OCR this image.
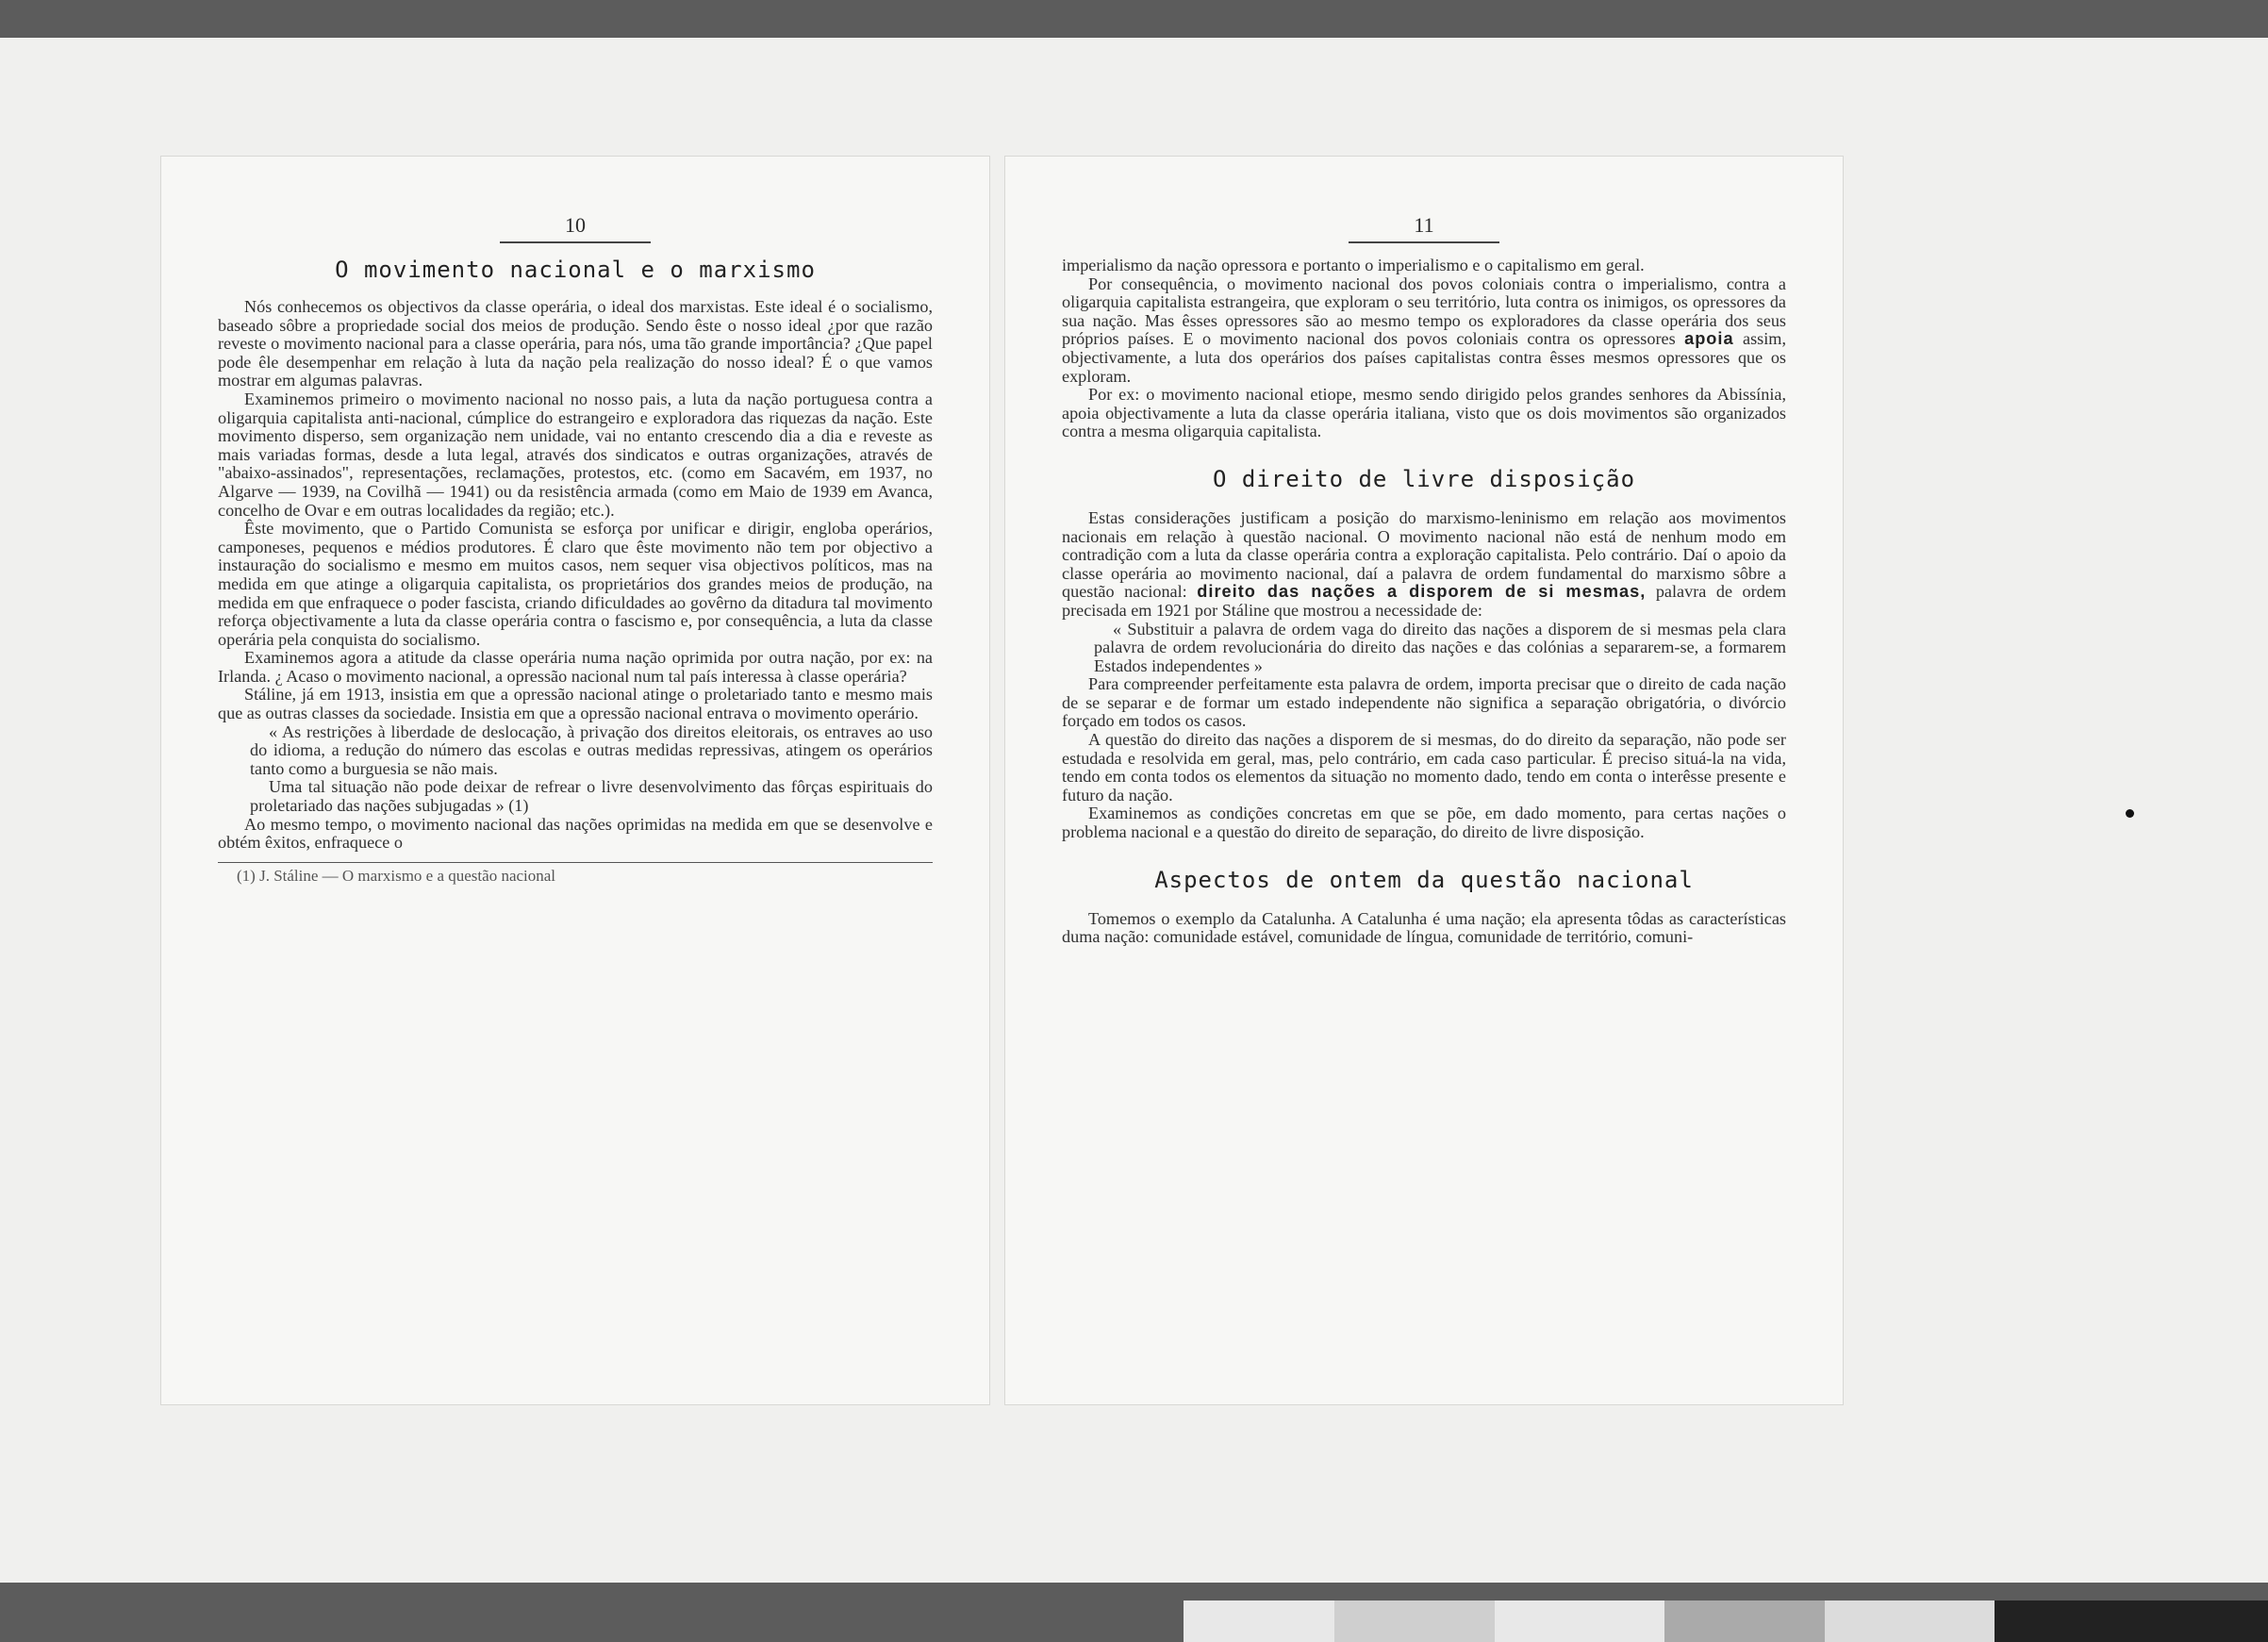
10
O movimento nacional e o marxismo

Nós conhecemos os objectivos da classe operária, o ideal dos marxistas. Este ideal é o socialismo, baseado sôbre a propriedade social dos meios de produção. Sendo êste o nosso ideal ¿por que razão reveste o movimento nacional para a classe operária, para nós, uma tão grande importância? ¿Que papel pode êle desempenhar em relação à luta da nação pela realização do nosso ideal? É o que vamos mostrar em algumas palavras.

Examinemos primeiro o movimento nacional no nosso pais, a luta da nação portuguesa contra a oligarquia capitalista anti-nacional, cúmplice do estrangeiro e exploradora das riquezas da nação. Este movimento disperso, sem organização nem unidade, vai no entanto crescendo dia a dia e reveste as mais variadas formas, desde a luta legal, através dos sindicatos e outras organizações, através de "abaixo-assinados", representações, reclamações, protestos, etc. (como em Sacavém, em 1937, no Algarve — 1939, na Covilhã — 1941) ou da resistência armada (como em Maio de 1939 em Avanca, concelho de Ovar e em outras localidades da região; etc.).

Êste movimento, que o Partido Comunista se esforça por unificar e dirigir, engloba operários, camponeses, pequenos e médios produtores. É claro que êste movimento não tem por objectivo a instauração do socialismo e mesmo em muitos casos, nem sequer visa objectivos políticos, mas na medida em que atinge a oligarquia capitalista, os proprietários dos grandes meios de produção, na medida em que enfraquece o poder fascista, criando dificuldades ao govêrno da ditadura tal movimento reforça objectivamente a luta da classe operária contra o fascismo e, por consequência, a luta da classe operária pela conquista do socialismo.

Examinemos agora a atitude da classe operária numa nação oprimida por outra nação, por ex: na Irlanda. ¿ Acaso o movimento nacional, a opressão nacional num tal país interessa à classe operária?

Stáline, já em 1913, insistia em que a opressão nacional atinge o proletariado tanto e mesmo mais que as outras classes da sociedade. Insistia em que a opressão nacional entrava o movimento operário.

« As restrições à liberdade de deslocação, à privação dos direitos eleitorais, os entraves ao uso do idioma, a redução do número das escolas e outras medidas repressivas, atingem os operários tanto como a burguesia se não mais.

Uma tal situação não pode deixar de refrear o livre desenvolvimento das fôrças espirituais do proletariado das nações subjugadas » (1)

Ao mesmo tempo, o movimento nacional das nações oprimidas na medida em que se desenvolve e obtém êxitos, enfraquece o

(1) J. Stáline — O marxismo e a questão nacional

11

imperialismo da nação opressora e portanto o imperialismo e o capitalismo em geral.

Por consequência, o movimento nacional dos povos coloniais contra o imperialismo, contra a oligarquia capitalista estrangeira, que exploram o seu território, luta contra os inimigos, os opressores da sua nação. Mas êsses opressores são ao mesmo tempo os exploradores da classe operária dos seus próprios países. E o movimento nacional dos povos coloniais contra os opressores apoia assim, objectivamente, a luta dos operários dos países capitalistas contra êsses mesmos opressores que os exploram.

Por ex: o movimento nacional etiope, mesmo sendo dirigido pelos grandes senhores da Abissínia, apoia objectivamente a luta da classe operária italiana, visto que os dois movimentos são organizados contra a mesma oligarquia capitalista.

O direito de livre disposição

Estas considerações justificam a posição do marxismo-leninismo em relação aos movimentos nacionais em relação à questão nacional. O movimento nacional não está de nenhum modo em contradição com a luta da classe operária contra a exploração capitalista. Pelo contrário. Daí o apoio da classe operária ao movimento nacional, daí a palavra de ordem fundamental do marxismo sôbre a questão nacional: direito das nações a disporem de si mesmas, palavra de ordem precisada em 1921 por Stáline que mostrou a necessidade de:

« Substituir a palavra de ordem vaga do direito das nações a disporem de si mesmas pela clara palavra de ordem revolucionária do direito das nações e das colónias a separarem-se, a formarem Estados independentes »

Para compreender perfeitamente esta palavra de ordem, importa precisar que o direito de cada nação de se separar e de formar um estado independente não significa a separação obrigatória, o divórcio forçado em todos os casos.

A questão do direito das nações a disporem de si mesmas, do do direito da separação, não pode ser estudada e resolvida em geral, mas, pelo contrário, em cada caso particular. É preciso situá-la na vida, tendo em conta todos os elementos da situação no momento dado, tendo em conta o interêsse presente e futuro da nação.

Examinemos as condições concretas em que se põe, em dado momento, para certas nações o problema nacional e a questão do direito de separação, do direito de livre disposição.

Aspectos de ontem da questão nacional

Tomemos o exemplo da Catalunha. A Catalunha é uma nação; ela apresenta tôdas as características duma nação: comunidade estável, comunidade de língua, comunidade de território, comuni-
